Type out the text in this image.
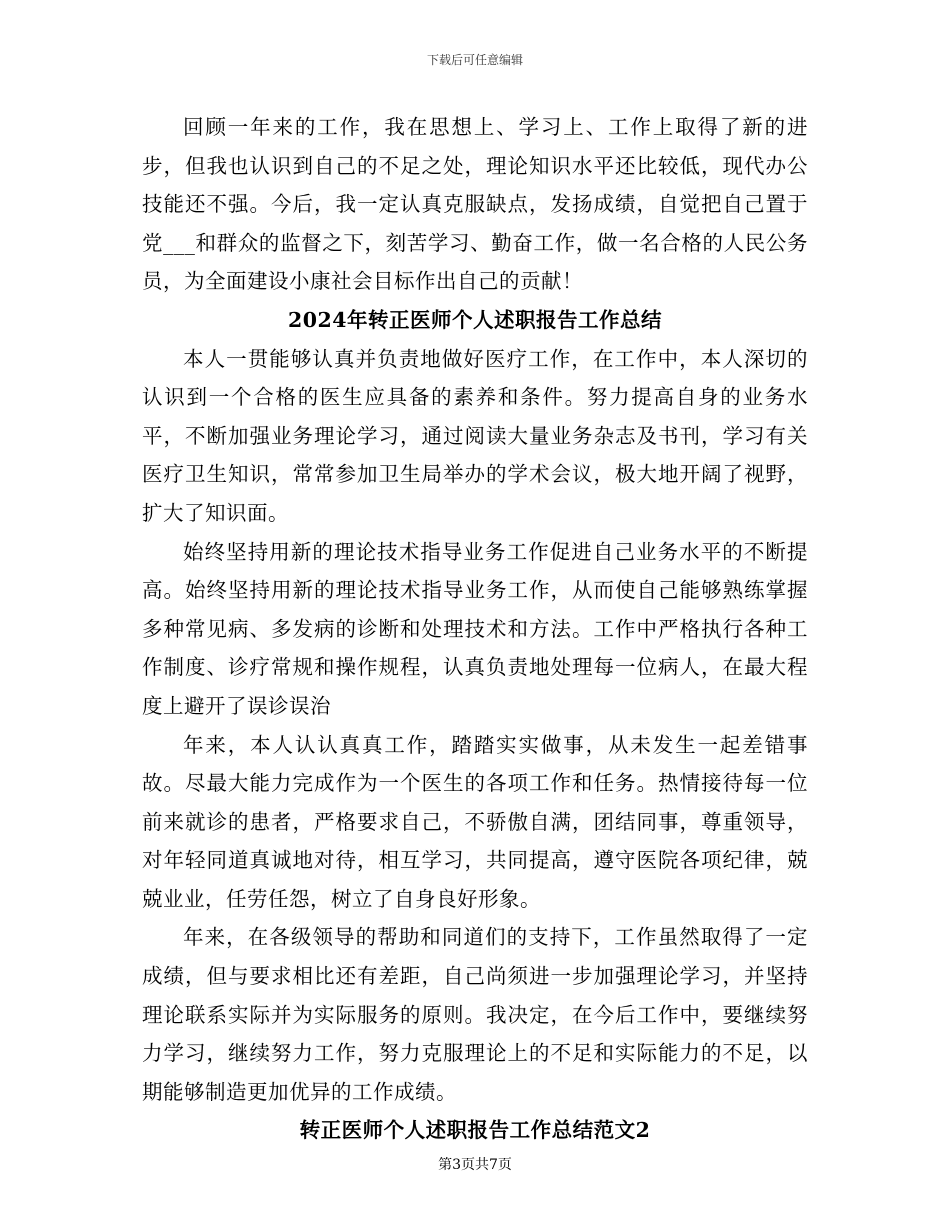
下载后可任意编辑

回顾一年来的工作，我在思想上、学习上、工作上取得了新的进步，但我也认识到自己的不足之处，理论知识水平还比较低，现代办公技能还不强。今后，我一定认真克服缺点，发扬成绩，自觉把自己置于党___和群众的监督之下，刻苦学习、勤奋工作，做一名合格的人民公务员，为全面建设小康社会目标作出自己的贡献！

2024年转正医师个人述职报告工作总结

本人一贯能够认真并负责地做好医疗工作，在工作中，本人深切的认识到一个合格的医生应具备的素养和条件。努力提高自身的业务水平，不断加强业务理论学习，通过阅读大量业务杂志及书刊，学习有关医疗卫生知识，常常参加卫生局举办的学术会议，极大地开阔了视野，扩大了知识面。

始终坚持用新的理论技术指导业务工作促进自己业务水平的不断提高。始终坚持用新的理论技术指导业务工作，从而使自己能够熟练掌握多种常见病、多发病的诊断和处理技术和方法。工作中严格执行各种工作制度、诊疗常规和操作规程，认真负责地处理每一位病人，在最大程度上避开了误诊误治

年来，本人认认真真工作，踏踏实实做事，从未发生一起差错事故。尽最大能力完成作为一个医生的各项工作和任务。热情接待每一位前来就诊的患者，严格要求自己，不骄傲自满，团结同事，尊重领导，对年轻同道真诚地对待，相互学习，共同提高，遵守医院各项纪律，兢兢业业，任劳任怨，树立了自身良好形象。

年来，在各级领导的帮助和同道们的支持下，工作虽然取得了一定成绩，但与要求相比还有差距，自己尚须进一步加强理论学习，并坚持理论联系实际并为实际服务的原则。我决定，在今后工作中，要继续努力学习，继续努力工作，努力克服理论上的不足和实际能力的不足，以期能够制造更加优异的工作成绩。

转正医师个人述职报告工作总结范文2

第3页共7页
